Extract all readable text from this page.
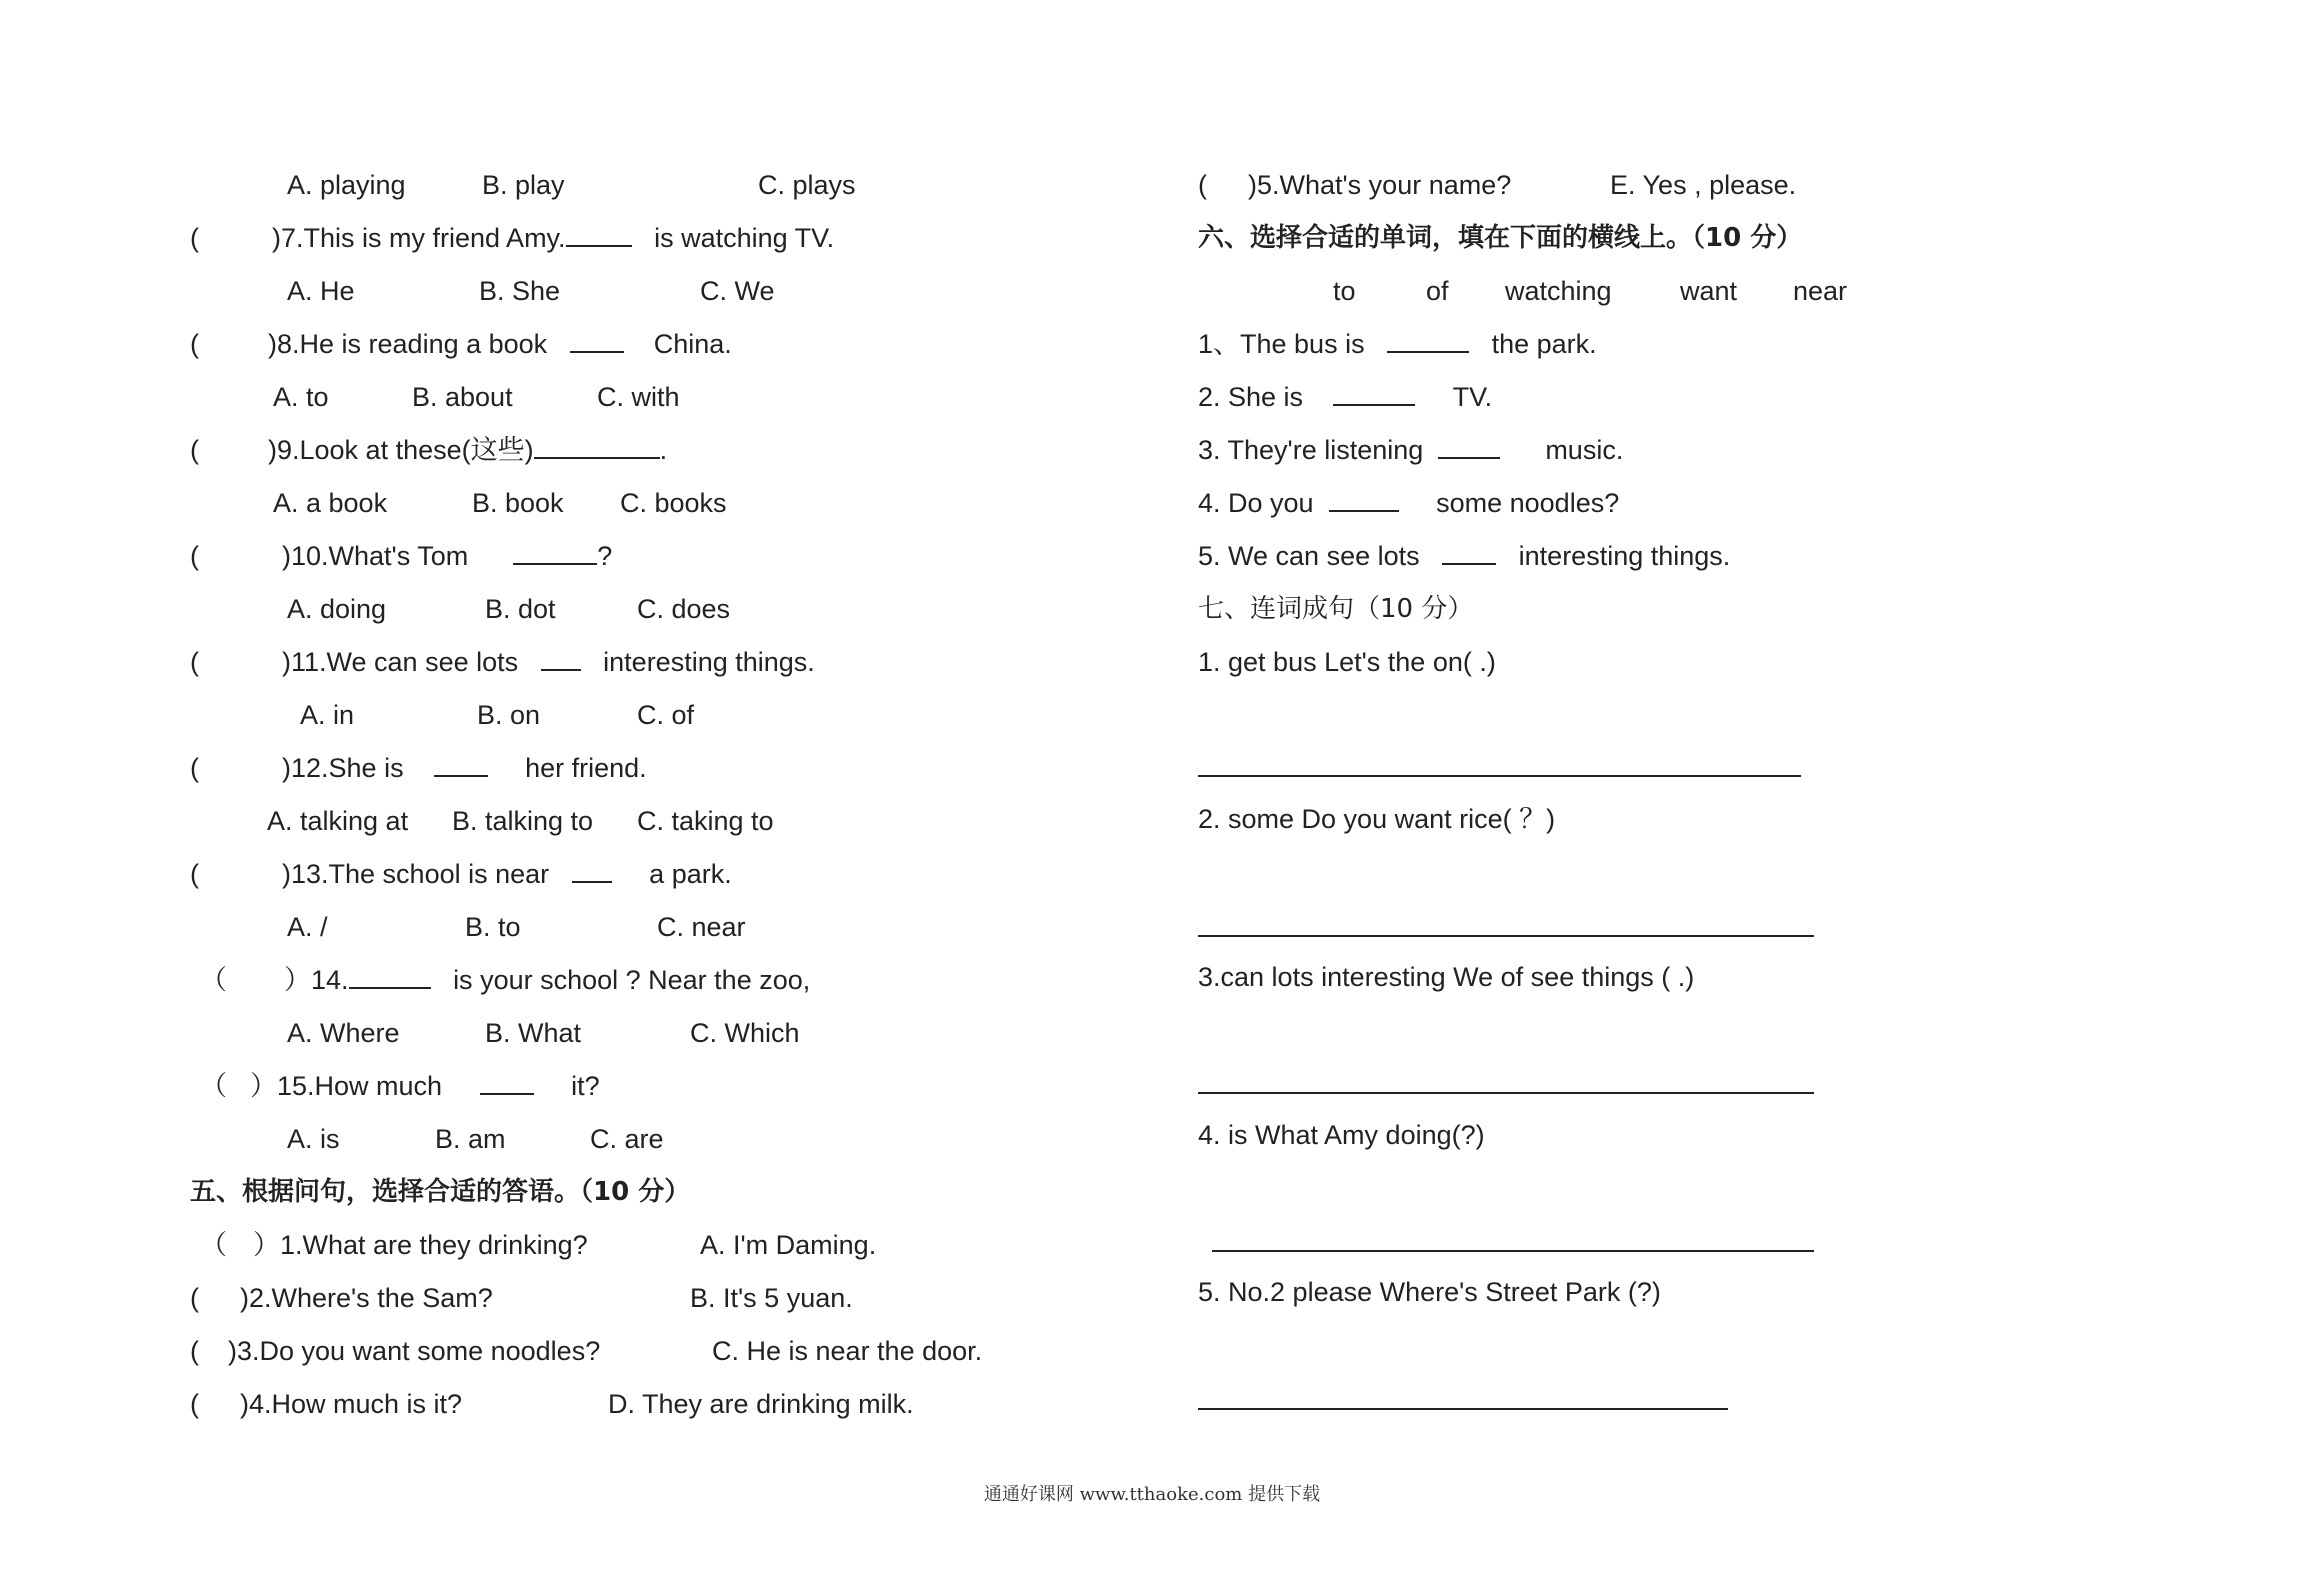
A. playing	B. play	C. plays
(	)7.This is my friend Amy.	is watching TV.
A. He	B. She	C. We
(	)8.He is reading a book	China.
A. to	B. about	C. with
(	)9.Look at these(这些)	.
A. a book	B. book C. books
(	)10.What's Tom	?
A. doing	B. dot	C. does
(	)11.We can see lots	interesting things.
A. in	B. on	C. of
(	)12.She is	her friend.
A. talking at B. talking to C. taking to
(	)13.The school is near	a park.
A. /	B. to	C. near
（ ）14.	is your school ? Near the zoo,
A. Where	B. What	C. Which
（ ）15.How much	it?
A. is	B. am	C. are
五、根据问句，选择合适的答语。（10 分）
（ ）1.What are they drinking?	A. I'm Daming.
( )2.Where's the Sam?	B. It's 5 yuan.
( )3.Do you want some noodles?	C. He is near the door.
( )4.How much is it?	D. They are drinking milk.
( )5.What's your name?	E. Yes , please.
六、选择合适的单词，填在下面的横线上。（10 分）
to	of watching	want near
1、The bus is	the park.
2. She is	TV.
3. They're listening	music.
4. Do you	some noodles?
5. We can see lots	interesting things.
七、连词成句（10 分）
1. get bus Let's the on( .)
2. some Do you want rice( ？)
3.can lots interesting We of see things ( .)
4. is What Amy doing(?)
5. No.2 please Where's Street Park (?)
通通好课网 www.tthaoke.com 提供下载
